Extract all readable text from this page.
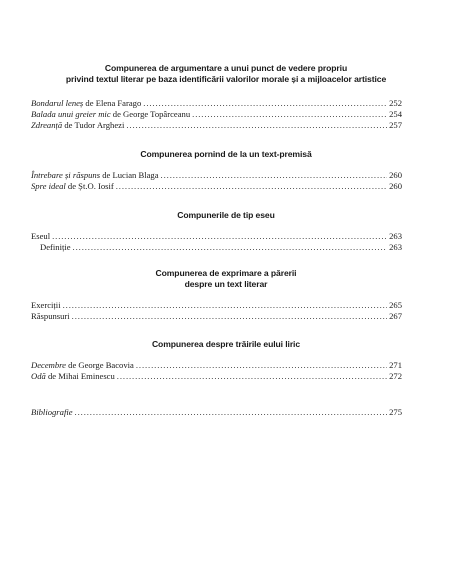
Compunerea de argumentare a unui punct de vedere propriu
privind textul literar pe baza identificării valorilor morale și a mijloacelor artistice
Bondarul leneș de Elena Farago .....	252
Balada unui greier mic de George Topârceanu .....	254
Zdreanță de Tudor Arghezi .....	257
Compunerea pornind de la un text-premisă
Întrebare și răspuns de Lucian Blaga .....	260
Spre ideal de Șt.O. Iosif .....	260
Compunerile de tip eseu
Eseul .....	263
Definiție .....	263
Compunerea de exprimare a părerii
despre un text literar
Exerciții .....	265
Răspunsuri .....	267
Compunerea despre trăirile eului liric
Decembre de George Bacovia .....	271
Odă de Mihai Eminescu .....	272
Bibliografie .....	275
